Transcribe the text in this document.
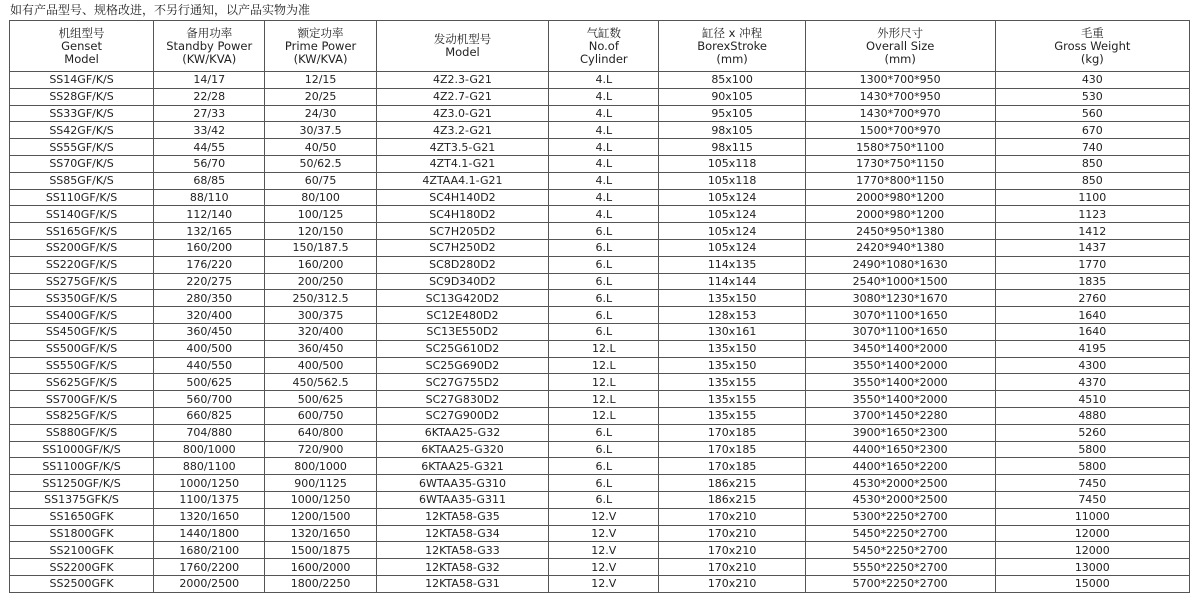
如有产品型号、规格改进，不另行通知，以产品实物为准
机组型号
Genset
Model	备用功率
Standby Power
(KW/KVA)	额定功率
Prime Power
(KW/KVA)	发动机型号
Model	气缸数
No.of
Cylinder	缸径 x 冲程
BorexStroke
(mm)	外形尺寸
Overall Size
(mm)	毛重
Gross Weight
(kg)

SS14GF/K/S	14/17	12/15	4Z2.3-G21	4.L	85x100	1300*700*950	430
SS28GF/K/S	22/28	20/25	4Z2.7-G21	4.L	90x105	1430*700*950	530
SS33GF/K/S	27/33	24/30	4Z3.0-G21	4.L	95x105	1430*700*970	560
SS42GF/K/S	33/42	30/37.5	4Z3.2-G21	4.L	98x105	1500*700*970	670
SS55GF/K/S	44/55	40/50	4ZT3.5-G21	4.L	98x115	1580*750*1100	740
SS70GF/K/S	56/70	50/62.5	4ZT4.1-G21	4.L	105x118	1730*750*1150	850
SS85GF/K/S	68/85	60/75	4ZTAA4.1-G21	4.L	105x118	1770*800*1150	850
SS110GF/K/S	88/110	80/100	SC4H140D2	4.L	105x124	2000*980*1200	1100
SS140GF/K/S	112/140	100/125	SC4H180D2	4.L	105x124	2000*980*1200	1123
SS165GF/K/S	132/165	120/150	SC7H205D2	6.L	105x124	2450*950*1380	1412
SS200GF/K/S	160/200	150/187.5	SC7H250D2	6.L	105x124	2420*940*1380	1437
SS220GF/K/S	176/220	160/200	SC8D280D2	6.L	114x135	2490*1080*1630	1770
SS275GF/K/S	220/275	200/250	SC9D340D2	6.L	114x144	2540*1000*1500	1835
SS350GF/K/S	280/350	250/312.5	SC13G420D2	6.L	135x150	3080*1230*1670	2760
SS400GF/K/S	320/400	300/375	SC12E480D2	6.L	128x153	3070*1100*1650	1640
SS450GF/K/S	360/450	320/400	SC13E550D2	6.L	130x161	3070*1100*1650	1640
SS500GF/K/S	400/500	360/450	SC25G610D2	12.L	135x150	3450*1400*2000	4195
SS550GF/K/S	440/550	400/500	SC25G690D2	12.L	135x150	3550*1400*2000	4300
SS625GF/K/S	500/625	450/562.5	SC27G755D2	12.L	135x155	3550*1400*2000	4370
SS700GF/K/S	560/700	500/625	SC27G830D2	12.L	135x155	3550*1400*2000	4510
SS825GF/K/S	660/825	600/750	SC27G900D2	12.L	135x155	3700*1450*2280	4880
SS880GF/K/S	704/880	640/800	6KTAA25-G32	6.L	170x185	3900*1650*2300	5260
SS1000GF/K/S	800/1000	720/900	6KTAA25-G320	6.L	170x185	4400*1650*2300	5800
SS1100GF/K/S	880/1100	800/1000	6KTAA25-G321	6.L	170x185	4400*1650*2200	5800
SS1250GF/K/S	1000/1250	900/1125	6WTAA35-G310	6.L	186x215	4530*2000*2500	7450
SS1375GFK/S	1100/1375	1000/1250	6WTAA35-G311	6.L	186x215	4530*2000*2500	7450
SS1650GFK	1320/1650	1200/1500	12KTA58-G35	12.V	170x210	5300*2250*2700	11000
SS1800GFK	1440/1800	1320/1650	12KTA58-G34	12.V	170x210	5450*2250*2700	12000
SS2100GFK	1680/2100	1500/1875	12KTA58-G33	12.V	170x210	5450*2250*2700	12000
SS2200GFK	1760/2200	1600/2000	12KTA58-G32	12.V	170x210	5550*2250*2700	13000
SS2500GFK	2000/2500	1800/2250	12KTA58-G31	12.V	170x210	5700*2250*2700	15000
